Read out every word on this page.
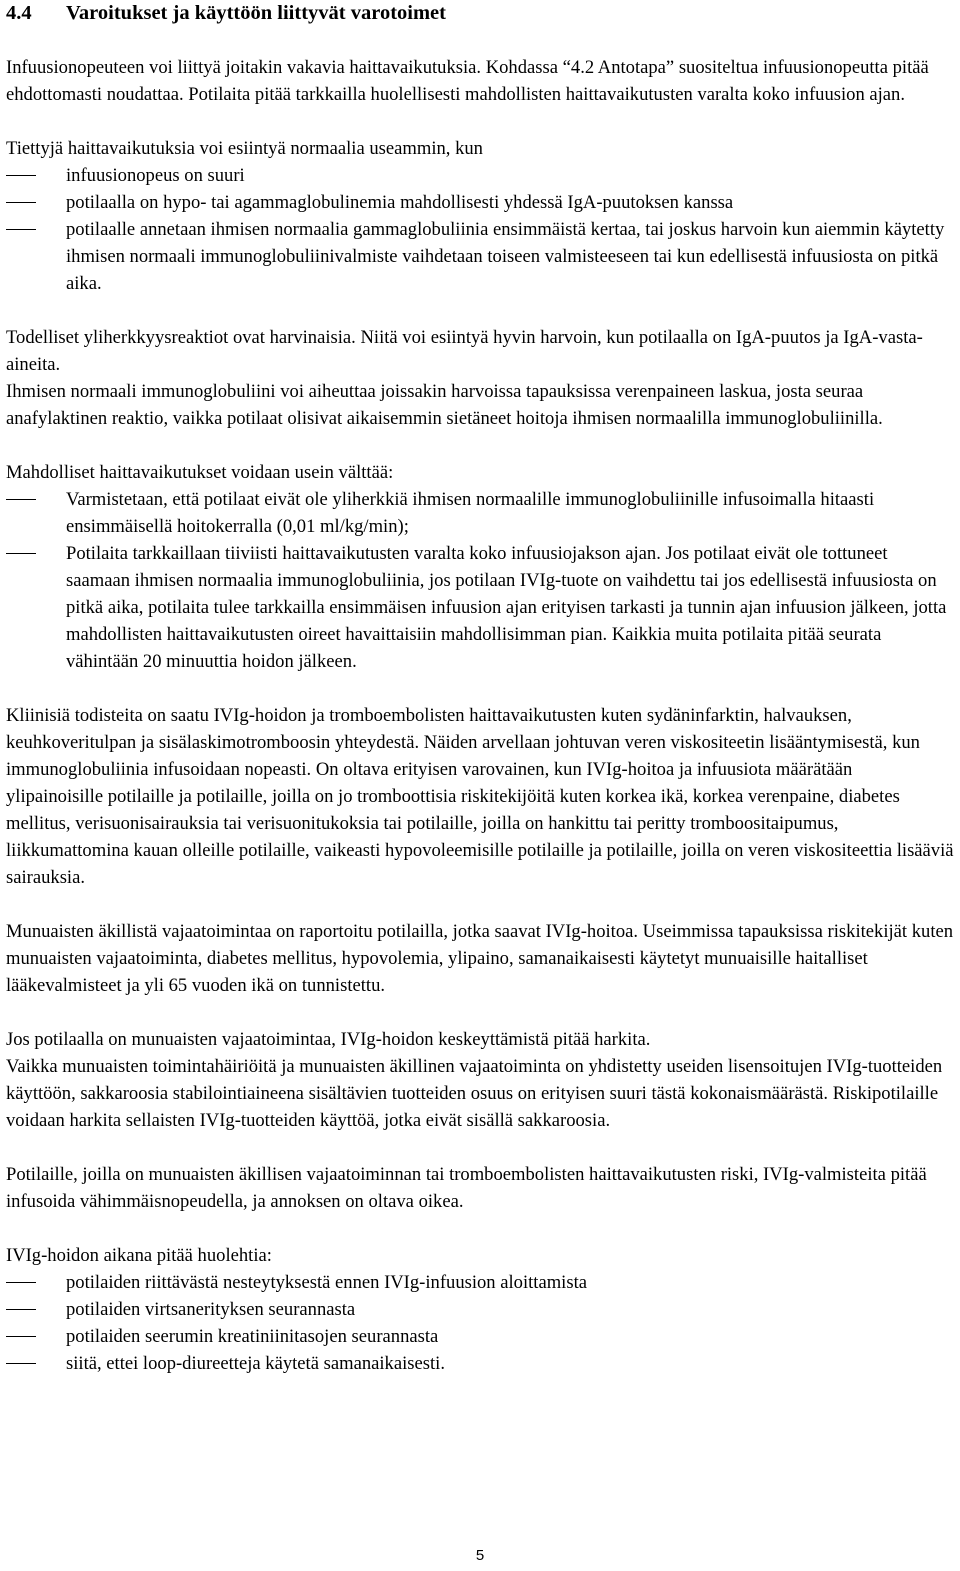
4.4 Varoitukset ja käyttöön liittyvät varotoimet

Infuusionopeuteen voi liittyä joitakin vakavia haittavaikutuksia. Kohdassa “4.2 Antotapa” suositeltua infuusionopeutta pitää ehdottomasti noudattaa. Potilaita pitää tarkkailla huolellisesti mahdollisten haittavaikutusten varalta koko infuusion ajan.

Tiettyjä haittavaikutuksia voi esiintyä normaalia useammin, kun

infuusionopeus on suuri
potilaalla on hypo- tai agammaglobulinemia mahdollisesti yhdessä IgA-puutoksen kanssa
potilaalle annetaan ihmisen normaalia gammaglobuliinia ensimmäistä kertaa, tai joskus harvoin kun aiemmin käytetty ihmisen normaali immunoglobuliinivalmiste vaihdetaan toiseen valmisteeseen tai kun edellisestä infuusiosta on pitkä aika.

Todelliset yliherkkyysreaktiot ovat harvinaisia. Niitä voi esiintyä hyvin harvoin, kun potilaalla on IgA-puutos ja IgA-vasta-aineita.

Ihmisen normaali immunoglobuliini voi aiheuttaa joissakin harvoissa tapauksissa verenpaineen laskua, josta seuraa anafylaktinen reaktio, vaikka potilaat olisivat aikaisemmin sietäneet hoitoja ihmisen normaalilla immunoglobuliinilla.

Mahdolliset haittavaikutukset voidaan usein välttää:

Varmistetaan, että potilaat eivät ole yliherkkiä ihmisen normaalille immunoglobuliinille infusoimalla hitaasti ensimmäisellä hoitokerralla (0,01 ml/kg/min);
Potilaita tarkkaillaan tiiviisti haittavaikutusten varalta koko infuusiojakson ajan. Jos potilaat eivät ole tottuneet saamaan ihmisen normaalia immunoglobuliinia, jos potilaan IVIg-tuote on vaihdettu tai jos edellisestä infuusiosta on pitkä aika, potilaita tulee tarkkailla ensimmäisen infuusion ajan erityisen tarkasti ja tunnin ajan infuusion jälkeen, jotta mahdollisten haittavaikutusten oireet havaittaisiin mahdollisimman pian. Kaikkia muita potilaita pitää seurata vähintään 20 minuuttia hoidon jälkeen.

Kliinisiä todisteita on saatu IVIg-hoidon ja tromboembolisten haittavaikutusten kuten sydäninfarktin, halvauksen, keuhkoveritulpan ja sisälaskimotromboosin yhteydestä. Näiden arvellaan johtuvan veren viskositeetin lisääntymisestä, kun immunoglobuliinia infusoidaan nopeasti. On oltava erityisen varovainen, kun IVIg-hoitoa ja infuusiota määrätään ylipainoisille potilaille ja potilaille, joilla on jo tromboottisia riskitekijöitä kuten korkea ikä, korkea verenpaine, diabetes mellitus, verisuonisairauksia tai verisuonitukoksia tai potilaille, joilla on hankittu tai peritty tromboositaipumus, liikkumattomina kauan olleille potilaille, vaikeasti hypovoleemisille potilaille ja potilaille, joilla on veren viskositeettia lisääviä sairauksia.

Munuaisten äkillistä vajaatoimintaa on raportoitu potilailla, jotka saavat IVIg-hoitoa. Useimmissa tapauksissa riskitekijät kuten munuaisten vajaatoiminta, diabetes mellitus, hypovolemia, ylipaino, samanaikaisesti käytetyt munuaisille haitalliset lääkevalmisteet ja yli 65 vuoden ikä on tunnistettu.

Jos potilaalla on munuaisten vajaatoimintaa, IVIg-hoidon keskeyttämistä pitää harkita.

Vaikka munuaisten toimintahäiriöitä ja munuaisten äkillinen vajaatoiminta on yhdistetty useiden lisensoitujen IVIg-tuotteiden käyttöön, sakkaroosia stabilointiaineena sisältävien tuotteiden osuus on erityisen suuri tästä kokonaismäärästä. Riskipotilaille voidaan harkita sellaisten IVIg-tuotteiden käyttöä, jotka eivät sisällä sakkaroosia.

Potilaille, joilla on munuaisten äkillisen vajaatoiminnan tai tromboembolisten haittavaikutusten riski, IVIg-valmisteita pitää infusoida vähimmäisnopeudella, ja annoksen on oltava oikea.

IVIg-hoidon aikana pitää huolehtia:

potilaiden riittävästä nesteytyksestä ennen IVIg-infuusion aloittamista
potilaiden virtsanerityksen seurannasta
potilaiden seerumin kreatiniinitasojen seurannasta
siitä, ettei loop-diureetteja käytetä samanaikaisesti.
5
